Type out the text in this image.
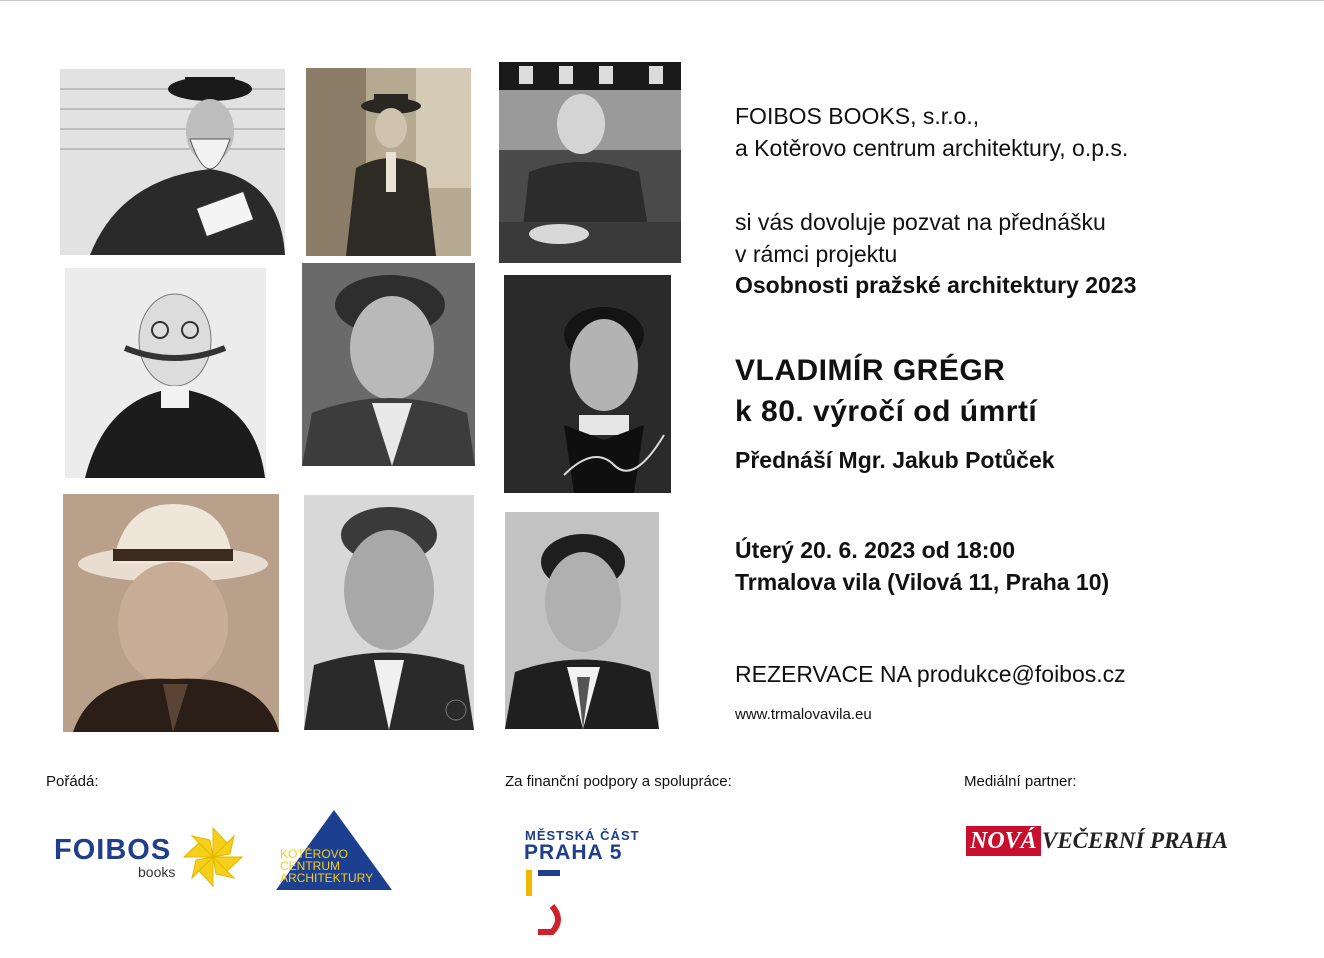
FOIBOS BOOKS, s.r.o.,
a Kotěrovo centrum architektury, o.p.s.
si vás dovoluje pozvat na přednášku
v rámci projektu
Osobnosti pražské architektury 2023
VLADIMÍR GRÉGR
k 80. výročí od úmrtí
Přednáší Mgr. Jakub Potůček
Úterý 20. 6. 2023 od 18:00
Trmalova vila (Vilová 11, Praha 10)
REZERVACE NA produkce@foibos.cz
www.trmalovavila.eu
Pořádá:	Za finanční podpory a spolupráce:	Mediální partner:
FOIBOS
books
KOTĚROVO
CENTRUM
ARCHITEKTURY
MĚSTSKÁ ČÁST
PRAHA 5	NOVÁ VEČERNÍ PRAHA
